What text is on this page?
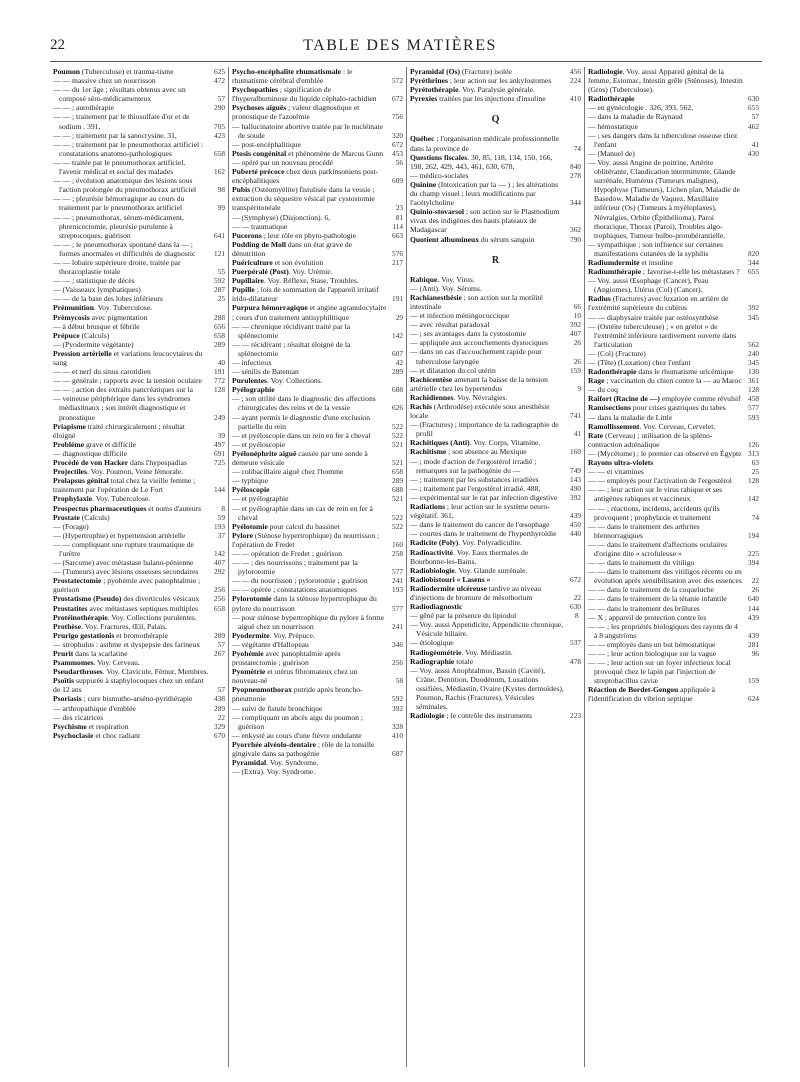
22	TABLE DES MATIÈRES
Poumon (Tuberculose) et trauma-tisme	625
— — massive chez un nourrisson	472
— — du 1er âge ; résultats obtenus avec un composé séro-médicamenteux	57
— — ; aurothérapie	290
— — ; traitement par le thiosulfate d'or et de sodium . 391,	705
— — ; traitement par la sanocrysine. 31,	423
— — ; traitement par le pneumothorax artificiel : constatations anatomo-pathologiques	658
— — traitée par le pneumothorax artificiel, l'avenir médical et social des malades	162
— — ; évolution anatomique des lésions sous l'action prolongée du pneumothorax artificiel	98
— — ; pleurésie hémorragique au cours du traitement par le pneumothorax artificiel	99
— — ; pneumothorax, sérum-médicament, phrenicectomie, pleurésie purulente à streptocoques, guérison	641
— — ; le pneumothorax spontané dans la — ; formes anormales et difficultés de diagnostic	121
— — lobaire supérieure droite, traitée par thoracoplastie totale	55
— — ; statistique de décès	592
— (Vaisseaux lymphatiques)	287
— — de la base des lobes inférieurs	25
Prémunition. Voy. Tuberculose.
Prémycosis avec pigmentation	288
— à début brusque et fébrile	656
Prépuce (Calculs)	658
— (Pyodermite végétante)	289
Pression artérielle et variations leucocytaires du sang	40
— — et nerf du sinus carotidien	191
— — générale ; rapports avec la tension oculaire 772
— — ; action des extraits pancréatiques sur la	128
— veineuse périphérique dans les syndromes médiastinaux ; son intérêt diagnostique et pronostique	249
Priapisme traité chirurgicalement ; résultat éloigné	39
Problème grave et difficile	497
— diagnostique difficile	691
Procédé de von Hacker dans l'hypospadias	725
Projectiles. Voy. Poumon, Veine fémorale.
Prolapsus génital total chez la vieille femme ; traitement par l'opération de Le Fort	144
Prophylaxie. Voy. Tuberculose.
Prospectus pharmaceutiques et noms d'auteurs	8
Prostate (Calculs)	59
— (Forage)	193
— (Hypertrophie) et hypertension artérielle	37
— — compliquant une rupture traumatique de l'urètre	142
— (Sarcome) avec métastase balano-pénienne	407
— (Tumeurs) avec lésions osseuses secondaires 292
Prostatectomie ; pyohémie avec panophtalmie ; guérison	256
Prostatisme (Pseudo) des diverticules vésicaux 256
Prostatites avec métastases septiques multiples 658
Protéinothérapie. Voy. Collections purulentes.
Prothèse. Voy. Fractures, Œil, Palais.
Prurigo gestationis et bromothérapie	289
— strophulus : asthme et dyspepsie des farineux 57
Prurit dans la scarlatine	267
Psammomes. Voy. Cerveau.
Pseudarthroses. Voy. Clavicule, Fémur, Membres.
Psoïtis suppurée à staphylocoques chez un enfant de 12 ans	57
Psoriasis ; cure bismutho-arséno-pyrithérapie	438
— arthropathique d'emblée	289
— des cicatrices	22
Psychisme et respiration	329
Psychoclasie et choc radiant	670
Psycho-encéphalite rhumatismale : le rhumatisme cérébral d'emblée	572
Psychopathies ; signification de l'hyperalbuminose du liquide céphalo-rachidien 672
Psychoses aiguës ; valeur diagnostique et pronostique de l'azotémie	756
— hallucinatoire abortive traitée par le nucléinate de soude	320
— post-encéphalitique	672
Ptosis congénital et phénomène de Marcus Gunn 453
— opéré par un nouveau procédé	56
Puberté précoce chez deux parkinsoniens post-encéphalitiques	609
Pubis (Ostéomyélite) fistulisée dans la vessie ; extraction du séquestre vésical par cystostomie transpéritonéale	23
— (Symphyse) (Disjonction). 6,	81
— — traumatique	114
Pucerons ; leur rôle en phyto-pathologie	663
Pudding de Moll dans un état grave de dénutrition	576
Puériculture et son évolution	217
Puerpéralé (Post). Voy. Urémie.
Pupillaire. Voy. Réflexe, Stase, Troubles.
Pupille ; lois de sommation de l'appareil irritatif irido-dilatateur	191
Purpura hémorragique et angine agranulocytaire ; cours d'un traitement antisyphilitique	29
— — chronique récidivant traité par la splénectomie	142
— — récidivant ; résultat éloigné de la splénectomie	607
— infectieux	42
— sénilis de Bateman	289
Purulentes. Voy. Collections.
Pyélographie	688
— ; son utilité dans le diagnostic des affections chirurgicales des reins et de la vessie	626
— ayant permis le diagnostic d'une exclusion partielle du rein	522
— et pyéloscopie dans un rein en fer à cheval	522
— et pyéloscopie	521
Pyélonéphrite aiguë causée par une sonde à demeure vésicale	521
— colibacillaire aiguë chez l'homme	658
— typhique	289
Pyéloscopie	688
— et pyélographie	521
— et pyélographie dans un cas de rein en fer à cheval	522
Pyélotomie pour calcul du bassinet	522
Pylore (Sténose hypertrophique) du nourrisson ; l'opération de Fredet	160
— — opération de Fredet ; guérison	258
— — ; des nourrissons ; traitement par la pylorotomie	577
— — du nourrisson ; pylorotomie ; guérison	241
— — opérée ; constatations anatomiques	193
Pylorotomie dans la sténose hypertrophique du pylore du nourrisson	577
— pour sténose hypertrophique du pylore à forme aiguë chez un nourrisson	241
Pyodermite. Voy. Prépuce.
— végétante d'Hallopeau	346
Pyohémie avec panophtalmie après prostatectomie ; guérison	256
Pyométrie et utérus fibromateux chez un nouveau-né	58
Pyopneumothorax putride après broncho-pneumonie	592
— suivi de fistule bronchique	392
— compliquant un abcès aigu du poumon ; guérison	328
— enkysté au cours d'une fièvre ondulante	410
Pyorrhée alvéolo-dentaire ; rôle de la tonsille gingivale dans sa pathogénie	687
Pyramidal. Voy. Syndrome.
— (Extra). Voy. Syndrome.
Pyramidal (Os) (Fracture) isolée	456
Pyréthrines ; leur action sur les ankylostomes	224
Pyrétothérapie. Voy. Paralysie générale.
Pyrexies traitées par les injections d'insuline	410
Q
Québec ; l'organisation médicale professionnelle dans la province de	74
Questions fiscales. 30, 85, 118, 134, 150, 166, 198, 262, 429, 443, 461, 630, 678,	840
— médico-sociales	278
Quinine (Intoxication par la — ) ; les altérations du champ visuel ; leurs modifications par l'acétylcholine	344
Quinio-stovarsol ; son action sur le Plasmodium vivax des indigènes des hauts plateaux de Madagascar	362
Quotient albumineux du sérum sanguin	790
R
Rabique. Voy. Virus.
— (Anti). Voy. Sérums.
Rachianesthésie ; son action sur la motilité intestinale	66
— et infection méningococcique	10
— avec résultat paradoxal	392
— ; ses avantages dans la cystostomie	407
— appliquée aux accouchements dystociques	26
— dans un cas d'accouchement rapide pour tuberculose laryngée	26
— et dilatation du col utérin	159
Rachicentèse amenant la baisse de la tension artérielle chez les hypertendus	9
Rachidiennes. Voy. Névralgies.
Rachis (Arthrodèse) exécutée sous anesthésie locale	741
— (Fractures) ; importance de la radiographie de profil	41
Rachitiques (Anti). Voy. Corps, Vitamine.
Rachitisme ; son absence au Mexique	160
— ; mode d'action de l'ergostérol irradié ; remarques sur la pathogénie du —	749
— ; traitement par les substances irradiées	143
— ; traitement par l'ergostérol irradié. 488,	490
— expérimental sur le rat par infection digestive 392
Radiations ; leur action sur le système neuro-végétatif. 361,	439
— dans le traitement du cancer de l'œsophage	450
— courtes dans le traitement de l'hyperthyroïdie 440
Radicite (Poly). Voy. Polyradiculite.
Radioactivité. Voy. Eaux thermales de Bourbonne-les-Bains.
Radiobiologie. Voy. Glande surrénale.
Radiobistouri « Lasens »	672
Radiodermite ulcéreuse tardive au niveau d'injections de bromure de mésothorium	22
Radiodiagnostic	630
— gêné par la présence du lipiodol	8
— Voy. aussi Appendicite, Appendicite chronique, Vésicule biliaire.
— étiologique	537
Radiogéométrie. Voy. Médiastin.
Radiographie totale	478
— Voy. aussi Anophtalmos, Bassin (Cavité), Crâne, Dentition, Duodénum, Luxations ossifiées, Médiastin, Ovaire (Kystes dermoïdes), Poumon, Rachis (Fractures), Vésicules séminales.
Radiologie ; le contrôle des instruments	223
Radiologie. Voy. aussi Appareil génital de la femme, Estomac, Intestin grêle (Sténoses), Intestin (Gros) (Tuberculose).
Radiothérapie	630
— en gynécologie . 326, 393, 562,	655
— dans la maladie de Raynaud	57
— hémostatique	462
— ; ses dangers dans la tuberculose osseuse chez l'enfant	41
— (Manuel de)	430
— Voy. aussi Angine de poitrine, Artérite oblitérante, Claudication intermittente, Glande surrénale, Humérus (Tumeurs malignes), Hypophyse (Tumeurs), Lichen plan, Maladie de Basedow, Maladie de Vaquez, Maxillaire inférieur (Os) (Tumeurs à myéloplaxes), Névralgies, Orbite (Épithélioma), Paroi thoracique, Thorax (Paroi), Troubles algo-trophiques, Tumeur bulbo-protubérantielle.
— sympathique ; son influence sur certaines manifestations cutanées de la syphilis	820
Radiumdermite et insuline	344
Radiumthérapie ; favorise-t-elle les métastases ? 655
— Voy. aussi Œsophage (Cancer), Peau (Angiomes), Utérus (Col) (Cancer).
Radius (Fractures) avec luxation en arrière de l'extrémité supérieure du cubitus	392
— — diaphysaire traitée par ostéosynthèse	345
— (Ostéite tuberculeuse) ; « en grelot » de l'extrémité inférieure tardivement ouverte dans l'articulation	562
— (Col) (Fracture)	240
— (Tête) (Luxation) chez l'enfant	345
Radonthérapie dans le rhumatisme uricémique 130
Rage ; vaccination du chien contre la — au Maroc 361
— du coq	128
Raifort (Racine de —) employée comme révulsif 458
Ramisections pour crises gastriques du tabes	577
— dans la maladie de Little	593
Ramollissement. Voy. Cerveau, Cervelet.
Rate (Cerveau) ; utilisation de la spléno-contraction adrénalique	126
— (Mycétome) ; le premier cas observé en Égypte 313
Rayons ultra-violets	63
— — et vitamines	25
— — employés pour l'activation de l'ergostérol 128
— — ; leur action sur le virus rabique et ses antigènes rabiques et vaccineux	142
— — ; réactions, incidents, accidents qu'ils provoquent ; prophylaxie et traitement	74
— — dans le traitement des arthrites blennorragiques	194
— — dans le traitement d'affections oculaires d'origine dite « scrofuleuse »	225
— — dans le traitement du vitiligo	394
— — dans le traitement des vitiligos récents ou en évolution après sensibilisation avec des essences 22
— — dans le traitement de la coqueluche	26
— — dans le traitement de la tétanie infantile	640
— — dans le traitement des brûlures	144
— X ; appareil de protection contre les	439
— — ; les propriétés biologiques des rayons de 4 à 8 angströms	439
— — employés dans un but hémostatique	281
— — ; leur action biologique sur la vague	96
— — ; leur action sur un foyer infectieux local provoqué chez le lapin par l'injection de streptobacillus caviæ	159
Réaction de Bordet-Gengou appliquée à l'identification du vibrion septique	624
